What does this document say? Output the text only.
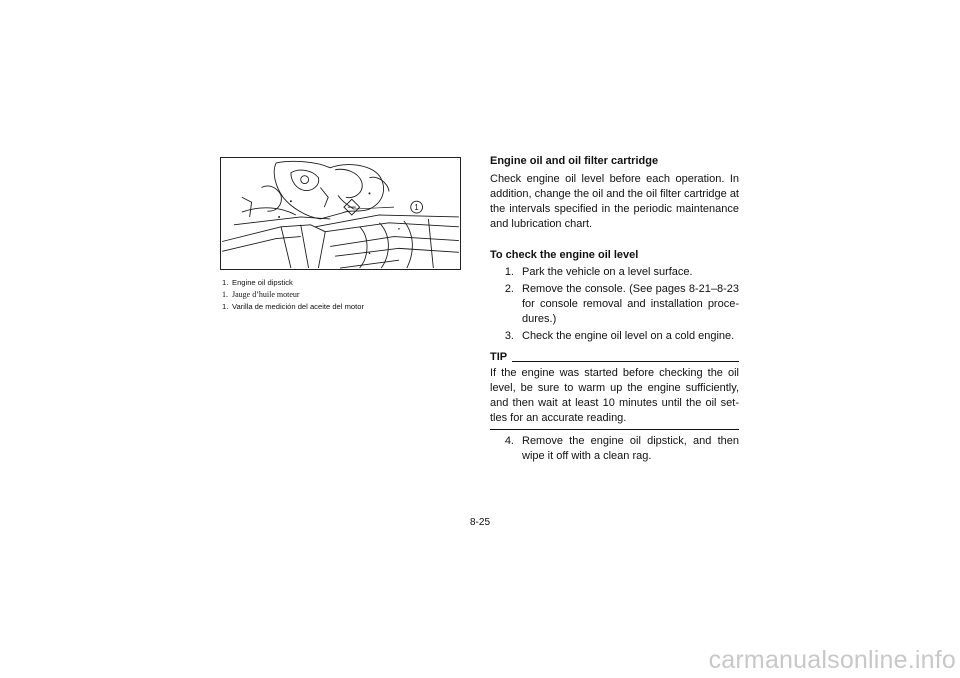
1
1. Engine oil dipstick
1. Jauge d’huile moteur
1. Varilla de medición del aceite del motor

Engine oil and oil filter cartridge

Check engine oil level before each operation. In addition, change the oil and the oil filter cartridge at the intervals specified in the periodic maintenance and lubrication chart.

To check the engine oil level

1. Park the vehicle on a level surface.
2. Remove the console. (See pages 8-21–8-23 for console removal and installation proce-dures.)
3. Check the engine oil level on a cold engine.
TIP
If the engine was started before checking the oil level, be sure to warm up the engine sufficiently, and then wait at least 10 minutes until the oil set-tles for an accurate reading.
4. Remove the engine oil dipstick, and then wipe it off with a clean rag.
8-25
carmanualsonline.info
